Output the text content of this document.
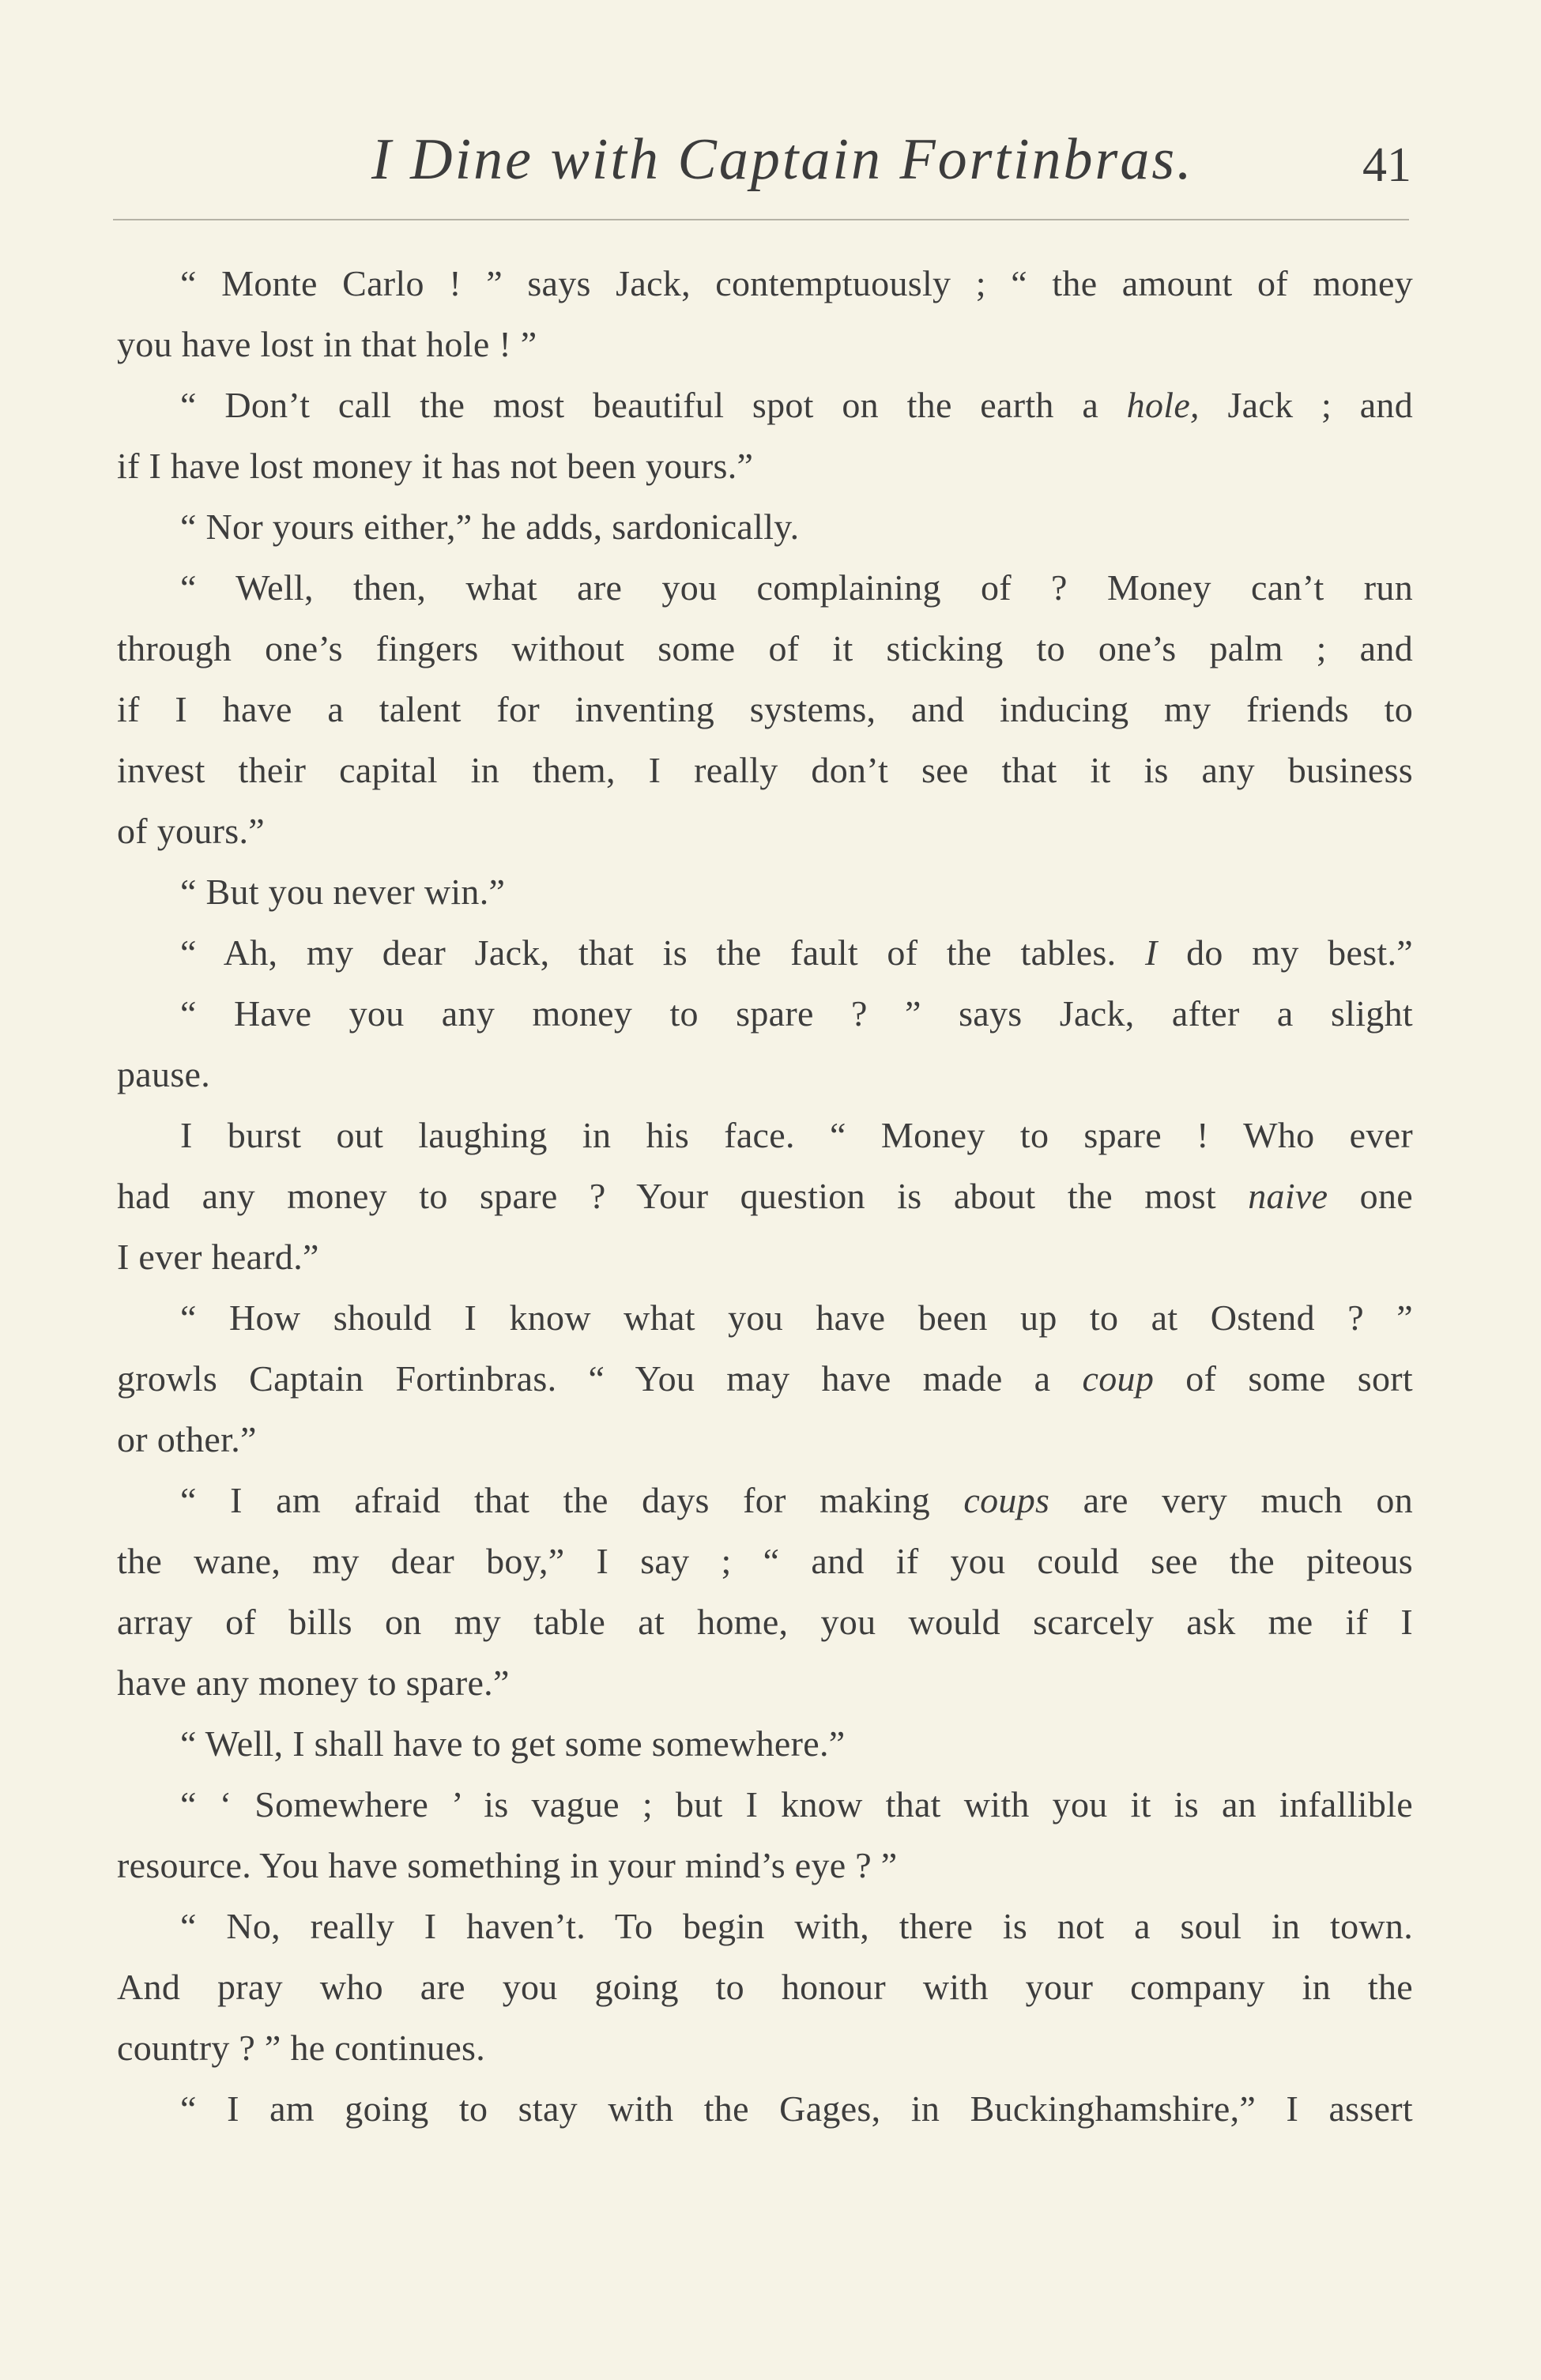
I Dine with Captain Fortinbras.	41
“ Monte Carlo ! ” says Jack, contemptuously ; “ the amount of money
you have lost in that hole ! ”
“ Don’t call the most beautiful spot on the earth a hole, Jack ; and
if I have lost money it has not been yours.”
“ Nor yours either,” he adds, sardonically.
“ Well, then, what are you complaining of ? Money can’t run
through one’s fingers without some of it sticking to one’s palm ; and
if I have a talent for inventing systems, and inducing my friends to
invest their capital in them, I really don’t see that it is any business
of yours.”
“ But you never win.”
“ Ah, my dear Jack, that is the fault of the tables. I do my best.”
“ Have you any money to spare ? ” says Jack, after a slight
pause.
I burst out laughing in his face. “ Money to spare ! Who ever
had any money to spare ? Your question is about the most naive one
I ever heard.”
“ How should I know what you have been up to at Ostend ? ”
growls Captain Fortinbras. “ You may have made a coup of some sort
or other.”
“ I am afraid that the days for making coups are very much on
the wane, my dear boy,” I say ; “ and if you could see the piteous
array of bills on my table at home, you would scarcely ask me if I
have any money to spare.”
“ Well, I shall have to get some somewhere.”
“ ‘ Somewhere ’ is vague ; but I know that with you it is an infallible
resource. You have something in your mind’s eye ? ”
“ No, really I haven’t. To begin with, there is not a soul in town.
And pray who are you going to honour with your company in the
country ? ” he continues.
“ I am going to stay with the Gages, in Buckinghamshire,” I assert
